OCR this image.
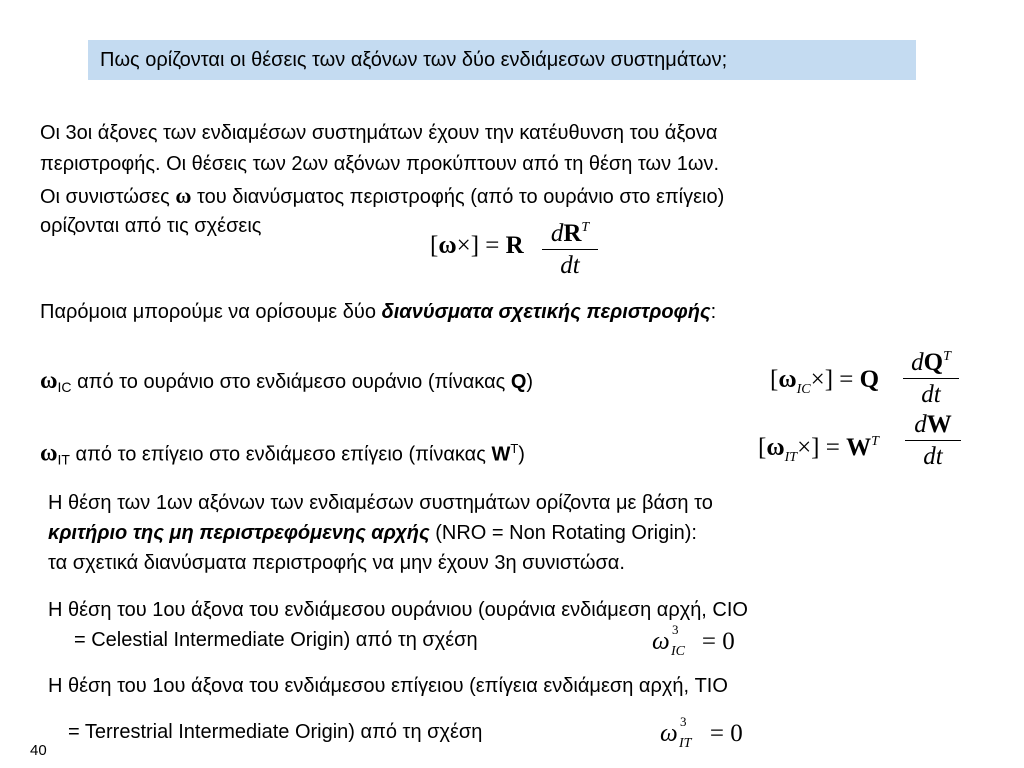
Πως ορίζονται οι θέσεις των αξόνων των δύο ενδιάμεσων συστημάτων;
Οι 3οι άξονες των ενδιαμέσων συστημάτων έχουν την κατέυθυνση του άξονα
περιστροφής. Οι θέσεις των 2ων αξόνων προκύπτουν από τη θέση των 1ων.
Οι συνιστώσες ω του διανύσματος περιστροφής (από το ουράνιο στο επίγειο)
ορίζονται από τις σχέσεις
[ω×] = R $dR^T$
dt
Παρόμοια μπορούμε να ορίσουμε δύο διανύσματα σχετικής περιστροφής:
$\omega_{IC}$ από το ουράνιο στο ενδιάμεσο ουράνιο (πίνακας Q)	$[\omega_{IC}\times] = Q$
$dQ^T$
dt
$\omega_{IT}$ από το επίγειο στο ενδιάμεσο επίγειο (πίνακας $W^T$)	$[\omega_{IT}\times] = W^T$
dW
dt
Η θέση των 1ων αξόνων των ενδιαμέσων συστημάτων ορίζοντα με βάση το
κριτήριο της μη περιστρεφόμενης αρχής (NRO = Non Rotating Origin):
τα σχετικά διανύσματα περιστροφής να μην έχουν 3η συνιστώσα.
Η θέση του 1ου άξονα του ενδιάμεσου ουράνιου (ουράνια ενδιάμεση αρχή, CIO
= Celestial Intermediate Origin) από τη σχέση	ω 3
IC = 0
Η θέση του 1ου άξονα του ενδιάμεσου επίγειου (επίγεια ενδιάμεση αρχή, TIO
= Terrestrial Intermediate Origin) από τη σχέση	ω 3
IT = 0
40
